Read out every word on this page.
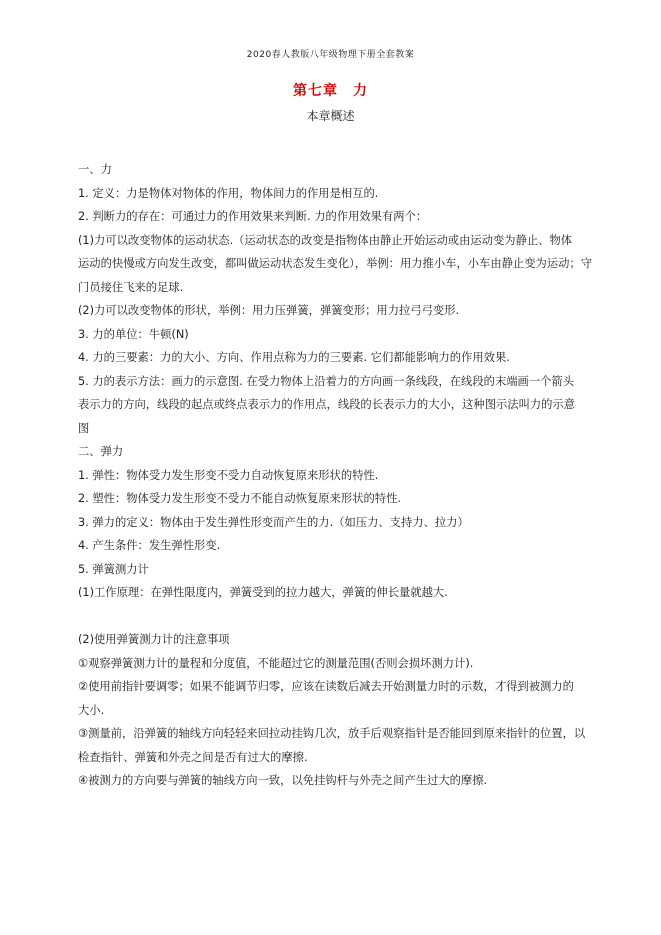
2020春人教版八年级物理下册全套教案
第七章　力
本章概述
一、力
1. 定义：力是物体对物体的作用，物体间力的作用是相互的.
2. 判断力的存在：可通过力的作用效果来判断. 力的作用效果有两个：
(1)力可以改变物体的运动状态.（运动状态的改变是指物体由静止开始运动或由运动变为静止、物体
运动的快慢或方向发生改变，都叫做运动状态发生变化），举例：用力推小车，小车由静止变为运动；守
门员接住飞来的足球.
(2)力可以改变物体的形状，举例：用力压弹簧，弹簧变形；用力拉弓弓变形.
3. 力的单位：牛顿(N)
4. 力的三要素：力的大小、方向、作用点称为力的三要素. 它们都能影响力的作用效果.
5. 力的表示方法：画力的示意图. 在受力物体上沿着力的方向画一条线段，在线段的末端画一个箭头
表示力的方向，线段的起点或终点表示力的作用点，线段的长表示力的大小，这种图示法叫力的示意
图
二、弹力
1. 弹性：物体受力发生形变不受力自动恢复原来形状的特性.
2. 塑性：物体受力发生形变不受力不能自动恢复原来形状的特性.
3. 弹力的定义：物体由于发生弹性形变而产生的力.（如压力、支持力、拉力）
4. 产生条件：发生弹性形变.
5. 弹簧测力计
(1)工作原理：在弹性限度内，弹簧受到的拉力越大，弹簧的伸长量就越大.
(2)使用弹簧测力计的注意事项
①观察弹簧测力计的量程和分度值，不能超过它的测量范围(否则会损坏测力计).
②使用前指针要调零；如果不能调节归零，应该在读数后减去开始测量力时的示数，才得到被测力的
大小.
③测量前，沿弹簧的轴线方向轻轻来回拉动挂钩几次，放手后观察指针是否能回到原来指针的位置，以
检查指针、弹簧和外壳之间是否有过大的摩擦.
④被测力的方向要与弹簧的轴线方向一致，以免挂钩杆与外壳之间产生过大的摩擦.
